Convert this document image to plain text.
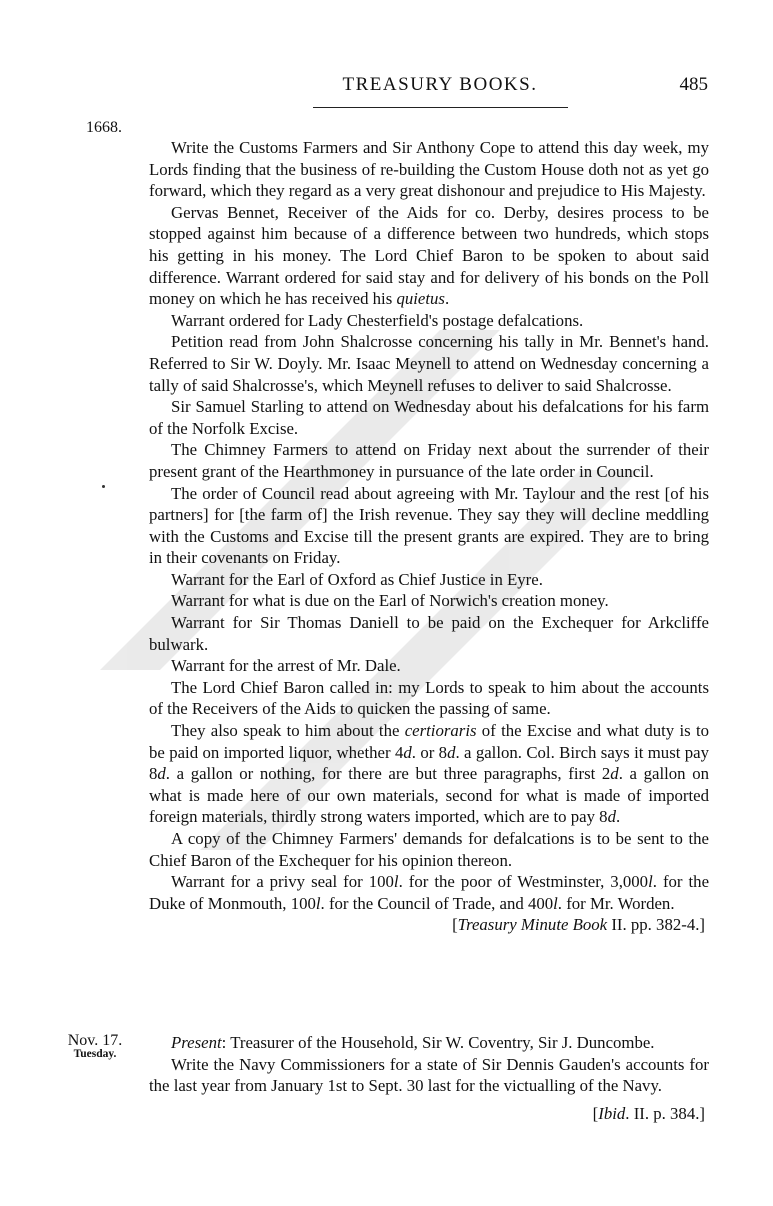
TREASURY BOOKS.	485
1668.

Write the Customs Farmers and Sir Anthony Cope to attend this day week, my Lords finding that the business of re-building the Custom House doth not as yet go forward, which they regard as a very great dishonour and prejudice to His Majesty.

Gervas Bennet, Receiver of the Aids for co. Derby, desires process to be stopped against him because of a difference between two hundreds, which stops his getting in his money. The Lord Chief Baron to be spoken to about said difference. Warrant ordered for said stay and for delivery of his bonds on the Poll money on which he has received his quietus.

Warrant ordered for Lady Chesterfield's postage defalcations.

Petition read from John Shalcrosse concerning his tally in Mr. Bennet's hand. Referred to Sir W. Doyly. Mr. Isaac Meynell to attend on Wednesday concerning a tally of said Shalcrosse's, which Meynell refuses to deliver to said Shalcrosse.

Sir Samuel Starling to attend on Wednesday about his defalcations for his farm of the Norfolk Excise.

The Chimney Farmers to attend on Friday next about the surrender of their present grant of the Hearthmoney in pursuance of the late order in Council.

The order of Council read about agreeing with Mr. Taylour and the rest [of his partners] for [the farm of] the Irish revenue. They say they will decline meddling with the Customs and Excise till the present grants are expired. They are to bring in their covenants on Friday.

Warrant for the Earl of Oxford as Chief Justice in Eyre.

Warrant for what is due on the Earl of Norwich's creation money.

Warrant for Sir Thomas Daniell to be paid on the Exchequer for Arkcliffe bulwark.

Warrant for the arrest of Mr. Dale.

The Lord Chief Baron called in: my Lords to speak to him about the accounts of the Receivers of the Aids to quicken the passing of same.

They also speak to him about the certioraris of the Excise and what duty is to be paid on imported liquor, whether 4d. or 8d. a gallon. Col. Birch says it must pay 8d. a gallon or nothing, for there are but three paragraphs, first 2d. a gallon on what is made here of our own materials, second for what is made of imported foreign materials, thirdly strong waters imported, which are to pay 8d.

A copy of the Chimney Farmers' demands for defalcations is to be sent to the Chief Baron of the Exchequer for his opinion thereon.

Warrant for a privy seal for 100l. for the poor of Westminster, 3,000l. for the Duke of Monmouth, 100l. for the Council of Trade, and 400l. for Mr. Worden.

[Treasury Minute Book II. pp. 382-4.]

Nov. 17.
Tuesday.

Present: Treasurer of the Household, Sir W. Coventry, Sir J. Duncombe.

Write the Navy Commissioners for a state of Sir Dennis Gauden's accounts for the last year from January 1st to Sept. 30 last for the victualling of the Navy.

[Ibid. II. p. 384.]
